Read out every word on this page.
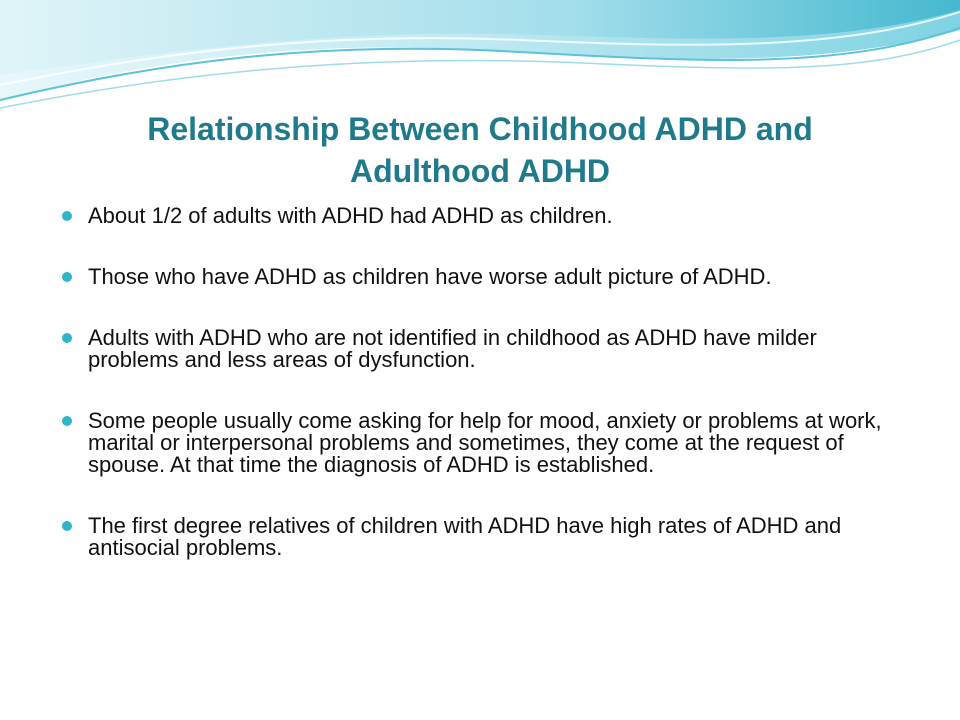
Relationship Between Childhood ADHD and
Adulthood ADHD
About 1/2 of adults with ADHD had ADHD as children.
Those who have ADHD as children have worse adult picture of ADHD.
Adults with ADHD who are not identified in childhood as ADHD have milder problems and less areas of dysfunction.
Some people usually come asking for help for mood, anxiety or problems at work, marital or interpersonal problems and sometimes, they come at the request of spouse. At that time the diagnosis of ADHD is established.
The first degree relatives of children with ADHD have high rates of ADHD and antisocial problems.
